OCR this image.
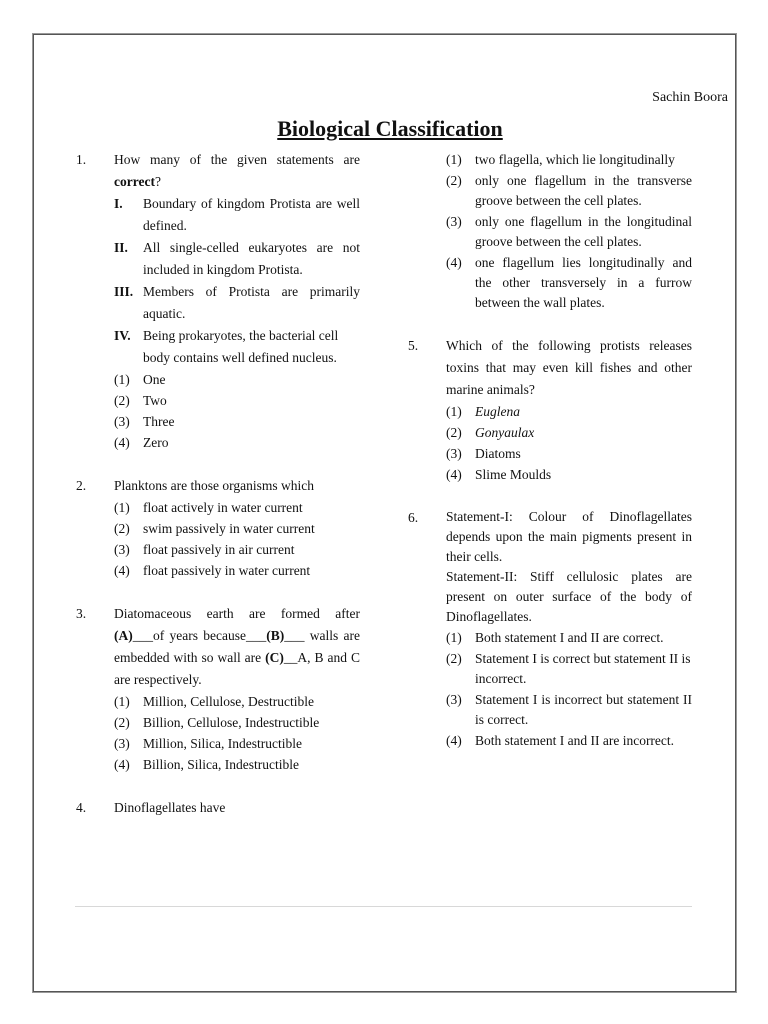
Sachin Boora
Biological Classification
1. How many of the given statements are correct?
I. Boundary of kingdom Protista are well defined.
II. All single-celled eukaryotes are not included in kingdom Protista.
III. Members of Protista are primarily aquatic.
IV. Being prokaryotes, the bacterial cell body contains well defined nucleus.
(1) One
(2) Two
(3) Three
(4) Zero
2. Planktons are those organisms which
(1) float actively in water current
(2) swim passively in water current
(3) float passively in air current
(4) float passively in water current
3. Diatomaceous earth are formed after (A)___of years because___(B)___ walls are embedded with so wall are (C)__A, B and C are respectively.
(1) Million, Cellulose, Destructible
(2) Billion, Cellulose, Indestructible
(3) Million, Silica, Indestructible
(4) Billion, Silica, Indestructible
4. Dinoflagellates have
(1) two flagella, which lie longitudinally
(2) only one flagellum in the transverse groove between the cell plates.
(3) only one flagellum in the longitudinal groove between the cell plates.
(4) one flagellum lies longitudinally and the other transversely in a furrow between the wall plates.
5. Which of the following protists releases toxins that may even kill fishes and other marine animals?
(1) Euglena
(2) Gonyaulax
(3) Diatoms
(4) Slime Moulds
6. Statement-I: Colour of Dinoflagellates depends upon the main pigments present in their cells.
Statement-II: Stiff cellulosic plates are present on outer surface of the body of Dinoflagellates.
(1) Both statement I and II are correct.
(2) Statement I is correct but statement II is incorrect.
(3) Statement I is incorrect but statement II is correct.
(4) Both statement I and II are incorrect.
